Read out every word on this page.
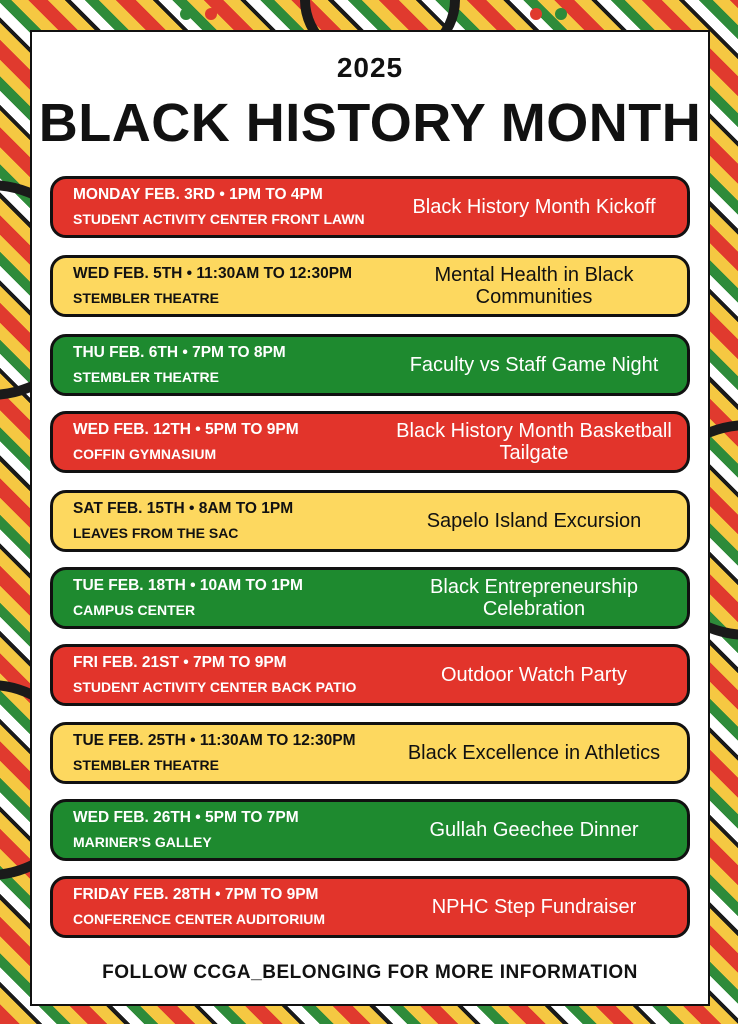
2025
BLACK HISTORY MONTH
MONDAY FEB. 3RD • 1PM TO 4PM
STUDENT ACTIVITY CENTER FRONT LAWN
Black History Month Kickoff
WED FEB. 5TH • 11:30AM TO 12:30PM
STEMBLER THEATRE
Mental Health in Black Communities
THU FEB. 6TH • 7PM TO 8PM
STEMBLER THEATRE
Faculty vs Staff Game Night
WED FEB. 12TH • 5PM TO 9PM
COFFIN GYMNASIUM
Black History Month Basketball Tailgate
SAT FEB. 15TH • 8AM TO 1PM
LEAVES FROM THE SAC
Sapelo Island Excursion
TUE FEB. 18TH • 10AM TO 1PM
CAMPUS CENTER
Black Entrepreneurship Celebration
FRI FEB. 21ST • 7PM TO 9PM
STUDENT ACTIVITY CENTER BACK PATIO
Outdoor Watch Party
TUE FEB. 25TH • 11:30AM TO 12:30PM
STEMBLER THEATRE
Black Excellence in Athletics
WED FEB. 26TH • 5PM TO 7PM
MARINER'S GALLEY
Gullah Geechee Dinner
FRIDAY FEB. 28TH • 7PM TO 9PM
CONFERENCE CENTER AUDITORIUM
NPHC Step Fundraiser
FOLLOW CCGA_BELONGING FOR MORE INFORMATION
